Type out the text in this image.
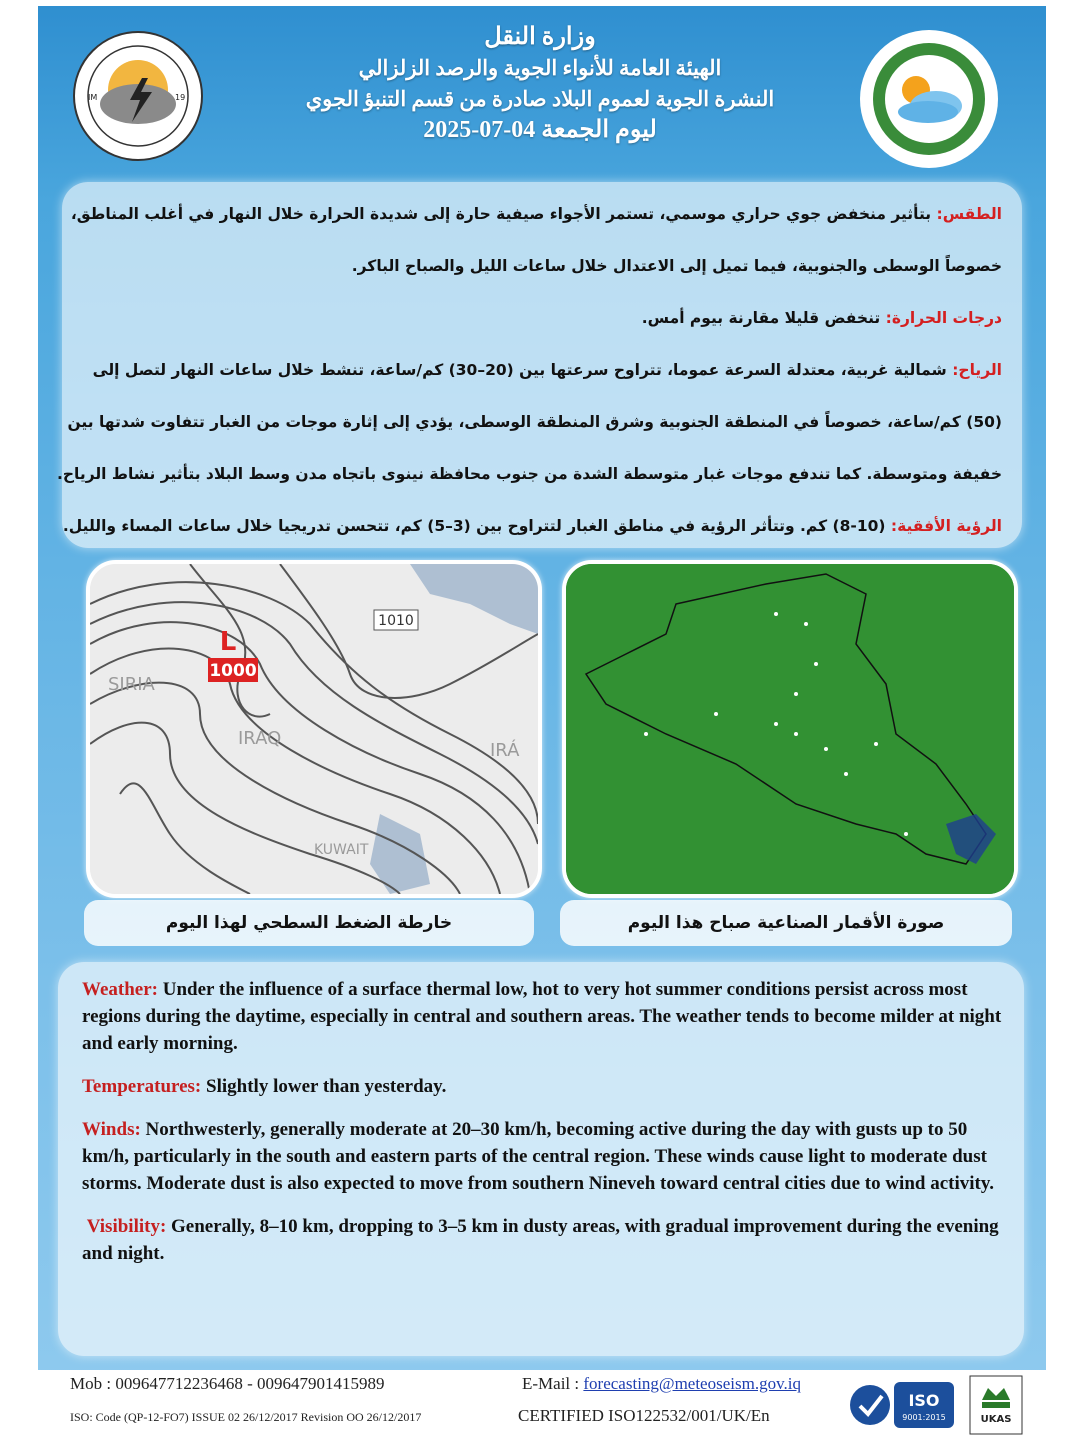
IM	19
وزارة النقل
الهيئة العامة للأنواء الجوية والرصد الزلزالي
النشرة الجوية لعموم البلاد صادرة من قسم التنبؤ الجوي
ليوم الجمعة 04-07-2025

الطقس: بتأثير منخفض جوي حراري موسمي، تستمر الأجواء صيفية حارة إلى شديدة الحرارة خلال النهار في أغلب المناطق،

خصوصاً الوسطى والجنوبية، فيما تميل إلى الاعتدال خلال ساعات الليل والصباح الباكر.

درجات الحرارة: تنخفض قليلا مقارنة بيوم أمس.

الرياح: شمالية غربية، معتدلة السرعة عموما، تتراوح سرعتها بين (20–30) كم/ساعة، تنشط خلال ساعات النهار لتصل إلى

(50) كم/ساعة، خصوصاً في المنطقة الجنوبية وشرق المنطقة الوسطى، يؤدي إلى إثارة موجات من الغبار تتفاوت شدتها بين

خفيفة ومتوسطة. كما تندفع موجات غبار متوسطة الشدة من جنوب محافظة نينوى باتجاه مدن وسط البلاد بتأثير نشاط الرياح.

الرؤية الأفقية: (10-8) كم. وتتأثر الرؤية في مناطق الغبار لتتراوح بين (3–5) كم، تتحسن تدريجيا خلال ساعات المساء والليل.

1010
L
1000
SIRIA
IRAQ
IRÁ
KUWAIT
خارطة الضغط السطحي لهذا اليوم	صورة الأقمار الصناعية صباح هذا اليوم

Weather: Under the influence of a surface thermal low, hot to very hot summer conditions persist across most regions during the daytime, especially in central and southern areas. The weather tends to become milder at night and early morning.

Temperatures: Slightly lower than yesterday.

Winds: Northwesterly, generally moderate at 20–30 km/h, becoming active during the day with gusts up to 50 km/h, particularly in the south and eastern parts of the central region. These winds cause light to moderate dust storms. Moderate dust is also expected to move from southern Nineveh toward central cities due to wind activity.

Visibility: Generally, 8–10 km, dropping to 3–5 km in dusty areas, with gradual improvement during the evening and night.

Mob : 009647712236468 - 009647901415989	E-Mail : forecasting@meteoseism.gov.iq
ISO: Code (QP-12-FO7) ISSUE 02 26/12/2017 Revision OO 26/12/2017	CERTIFIED ISO122532/001/UK/En
ISO
9001:2015	UKAS
